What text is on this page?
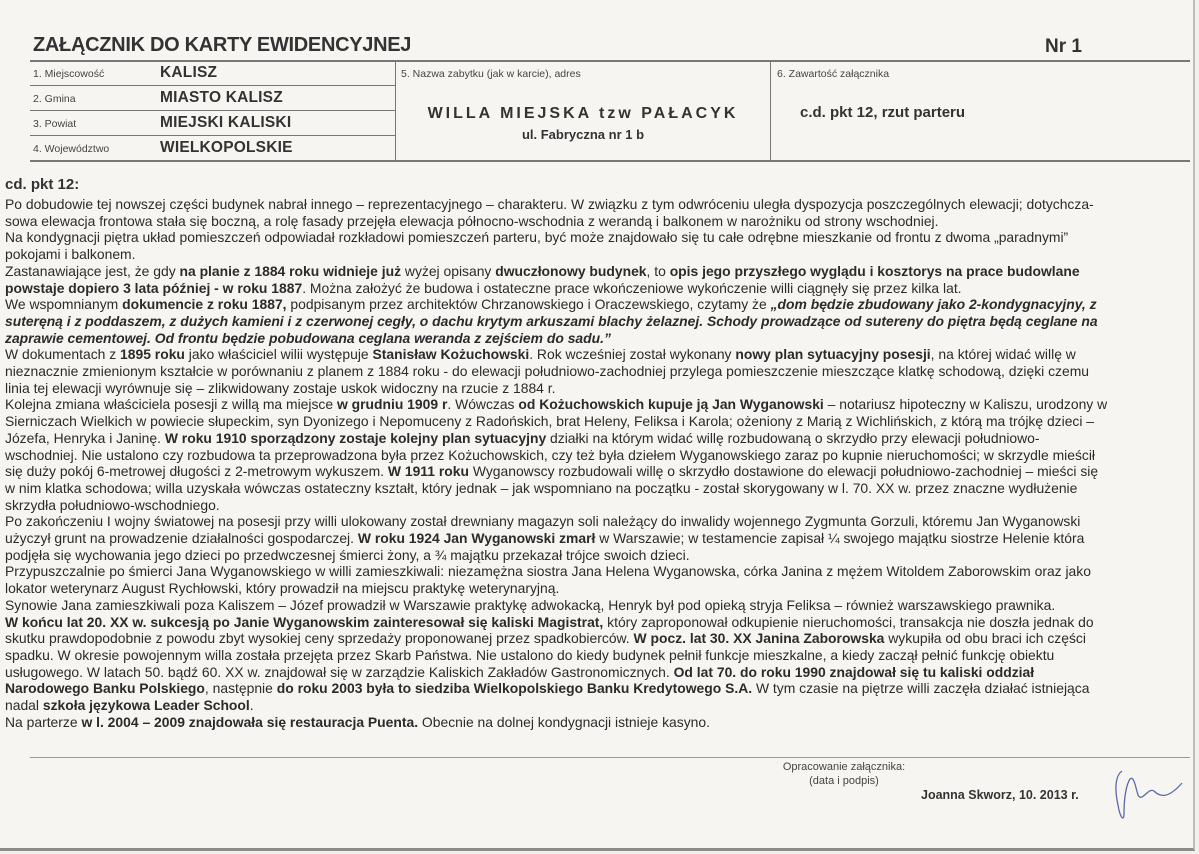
ZAŁĄCZNIK DO KARTY EWIDENCYJNEJ	Nr 1
1. Miejscowość	KALISZ
2. Gmina	MIASTO KALISZ
3. Powiat	MIEJSKI KALISKI
4. Województwo	WIELKOPOLSKIE
5. Nazwa zabytku (jak w karcie), adres
WILLA MIEJSKA tzw PAŁACYK
ul. Fabryczna nr 1 b
6. Zawartość załącznika
c.d. pkt 12, rzut parteru
cd. pkt 12:
Po dobudowie tej nowszej części budynek nabrał innego – reprezentacyjnego – charakteru. W związku z tym odwróceniu uległa dyspozycja poszczególnych elewacji; dotychcza-
sowa elewacja frontowa stała się boczną, a rolę fasady przejęła elewacja północno-wschodnia z werandą i balkonem w narożniku od strony wschodniej.
Na kondygnacji piętra układ pomieszczeń odpowiadał rozkładowi pomieszczeń parteru, być może znajdowało się tu całe odrębne mieszkanie od frontu z dwoma „paradnymi”
pokojami i balkonem.
Zastanawiające jest, że gdy na planie z 1884 roku widnieje już wyżej opisany dwuczłonowy budynek, to opis jego przyszłego wyglądu i kosztorys na prace budowlane
powstaje dopiero 3 lata później - w roku 1887. Można założyć że budowa i ostateczne prace wkończeniowe wykończenie willi ciągnęły się przez kilka lat.
We wspomnianym dokumencie z roku 1887, podpisanym przez architektów Chrzanowskiego i Oraczewskiego, czytamy że „dom będzie zbudowany jako 2-kondygnacyjny, z
suteręną i z poddaszem, z dużych kamieni i z czerwonej cegły, o dachu krytym arkuszami blachy żelaznej. Schody prowadzące od sutereny do piętra będą ceglane na
zaprawie cementowej. Od frontu będzie pobudowana ceglana weranda z zejściem do sadu.”
W dokumentach z 1895 roku jako właściciel wilii występuje Stanisław Kożuchowski. Rok wcześniej został wykonany nowy plan sytuacyjny posesji, na której widać willę w
nieznacznie zmienionym kształcie w porównaniu z planem z 1884 roku - do elewacji południowo-zachodniej przylega pomieszczenie mieszczące klatkę schodową, dzięki czemu
linia tej elewacji wyrównuje się – zlikwidowany zostaje uskok widoczny na rzucie z 1884 r.
Kolejna zmiana właściciela posesji z willą ma miejsce w grudniu 1909 r. Wówczas od Kożuchowskich kupuje ją Jan Wyganowski – notariusz hipoteczny w Kaliszu, urodzony w
Sierniczach Wielkich w powiecie słupeckim, syn Dyonizego i Nepomuceny z Radońskich, brat Heleny, Feliksa i Karola; ożeniony z Marią z Wichlińskich, z którą ma trójkę dzieci –
Józefa, Henryka i Janinę. W roku 1910 sporządzony zostaje kolejny plan sytuacyjny działki na którym widać willę rozbudowaną o skrzydło przy elewacji południowo-
wschodniej. Nie ustalono czy rozbudowa ta przeprowadzona była przez Kożuchowskich, czy też była dziełem Wyganowskiego zaraz po kupnie nieruchomości; w skrzydle mieścił
się duży pokój 6-metrowej długości z 2-metrowym wykuszem. W 1911 roku Wyganowscy rozbudowali willę o skrzydło dostawione do elewacji południowo-zachodniej – mieści się
w nim klatka schodowa; willa uzyskała wówczas ostateczny kształt, który jednak – jak wspomniano na początku - został skorygowany w l. 70. XX w. przez znaczne wydłużenie
skrzydła południowo-wschodniego.
Po zakończeniu I wojny światowej na posesji przy willi ulokowany został drewniany magazyn soli należący do inwalidy wojennego Zygmunta Gorzuli, któremu Jan Wyganowski
użyczył grunt na prowadzenie działalności gospodarczej. W roku 1924 Jan Wyganowski zmarł w Warszawie; w testamencie zapisał ¼ swojego majątku siostrze Helenie która
podjęła się wychowania jego dzieci po przedwczesnej śmierci żony, a ¾ majątku przekazał trójce swoich dzieci.
Przypuszczalnie po śmierci Jana Wyganowskiego w willi zamieszkiwali: niezamężna siostra Jana Helena Wyganowska, córka Janina z mężem Witoldem Zaborowskim oraz jako
lokator weterynarz August Rychłowski, który prowadził na miejscu praktykę weterynaryjną.
Synowie Jana zamieszkiwali poza Kaliszem – Józef prowadził w Warszawie praktykę adwokacką, Henryk był pod opieką stryja Feliksa – również warszawskiego prawnika.
W końcu lat 20. XX w. sukcesją po Janie Wyganowskim zainteresował się kaliski Magistrat, który zaproponował odkupienie nieruchomości, transakcja nie doszła jednak do
skutku prawdopodobnie z powodu zbyt wysokiej ceny sprzedaży proponowanej przez spadkobierców. W pocz. lat 30. XX Janina Zaborowska wykupiła od obu braci ich części
spadku. W okresie powojennym willa została przejęta przez Skarb Państwa. Nie ustalono do kiedy budynek pełnił funkcje mieszkalne, a kiedy zaczął pełnić funkcję obiektu
usługowego. W latach 50. bądź 60. XX w. znajdował się w zarządzie Kaliskich Zakładów Gastronomicznych. Od lat 70. do roku 1990 znajdował się tu kaliski oddział
Narodowego Banku Polskiego, następnie do roku 2003 była to siedziba Wielkopolskiego Banku Kredytowego S.A. W tym czasie na piętrze willi zaczęła działać istniejąca
nadal szkoła językowa Leader School.
Na parterze w l. 2004 – 2009 znajdowała się restauracja Puenta. Obecnie na dolnej kondygnacji istnieje kasyno.
Opracowanie załącznika:
(data i podpis)
Joanna Skworz, 10. 2013 r.
